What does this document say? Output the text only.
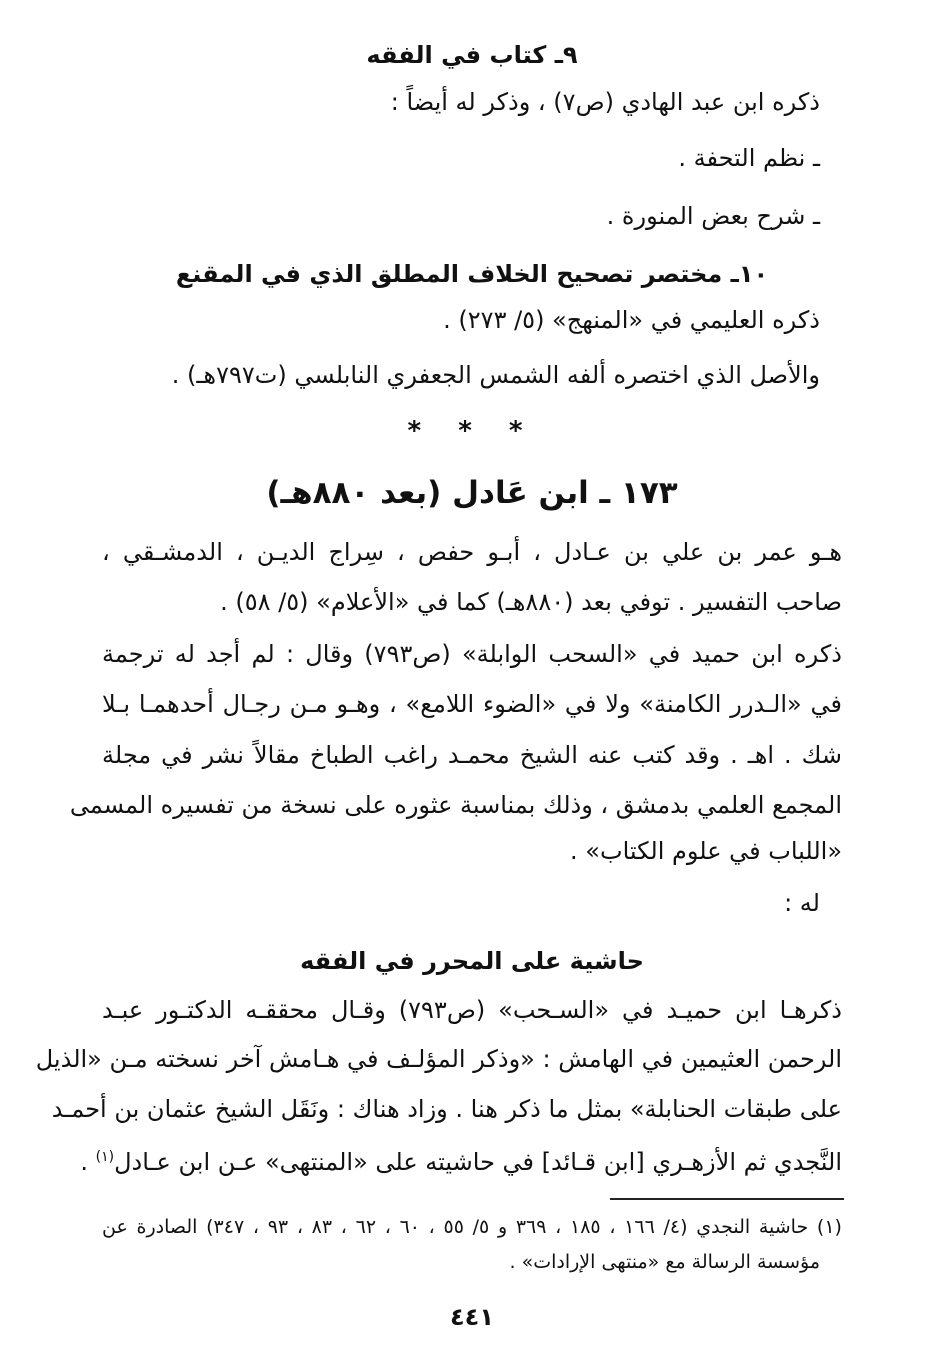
٩ـ كتاب في الفقه
ذكره ابن عبد الهادي (ص٧) ، وذكر له أيضاً :
ـ نظم التحفة .
ـ شرح بعض المنورة .
١٠ـ مختصر تصحيح الخلاف المطلق الذي في المقنع
ذكره العليمي في «المنهج» (٥/ ٢٧٣) .
والأصل الذي اختصره ألفه الشمس الجعفري النابلسي (ت٧٩٧هـ) .
* * *
١٧٣ ـ ابن عَادل (بعد ٨٨٠هـ)
هـو عمر بن علي بن عـادل ، أبـو حفص ، سِراج الديـن ، الدمشـقي ،
صاحب التفسير . توفي بعد (٨٨٠هـ) كما في «الأعلام» (٥/ ٥٨) .
ذكره ابن حميد في «السحب الوابلة» (ص٧٩٣) وقال : لم أجد له ترجمة
في «الـدرر الكامنة» ولا في «الضوء اللامع» ، وهـو مـن رجـال أحدهمـا بـلا
شك . اهـ . وقد كتب عنه الشيخ محمـد راغب الطباخ مقالاً نشر في مجلة
المجمع العلمي بدمشق ، وذلك بمناسبة عثوره على نسخة من تفسيره المسمى
«اللباب في علوم الكتاب» .
له :
حاشية على المحرر في الفقه
ذكرهـا ابن حميـد في «السـحب» (ص٧٩٣) وقـال محققـه الدكتـور عبـد
الرحمن العثيمين في الهامش : «وذكر المؤلـف في هـامش آخر نسخته مـن «الذيل
على طبقات الحنابلة» بمثل ما ذكر هنا . وزاد هناك : ونَقَل الشيخ عثمان بن أحمـد
النَّجدي ثم الأزهـري [ابن قـائد] في حاشيته على «المنتهى» عـن ابن عـادل$^{(١)}$ .
(١) حاشية النجدي (٤/ ١٦٦ ، ١٨٥ ، ٣٦٩ و ٥/ ٥٥ ، ٦٠ ، ٦٢ ، ٨٣ ، ٩٣ ، ٣٤٧) الصادرة عن
مؤسسة الرسالة مع «منتهى الإرادات» .
٤٤١
